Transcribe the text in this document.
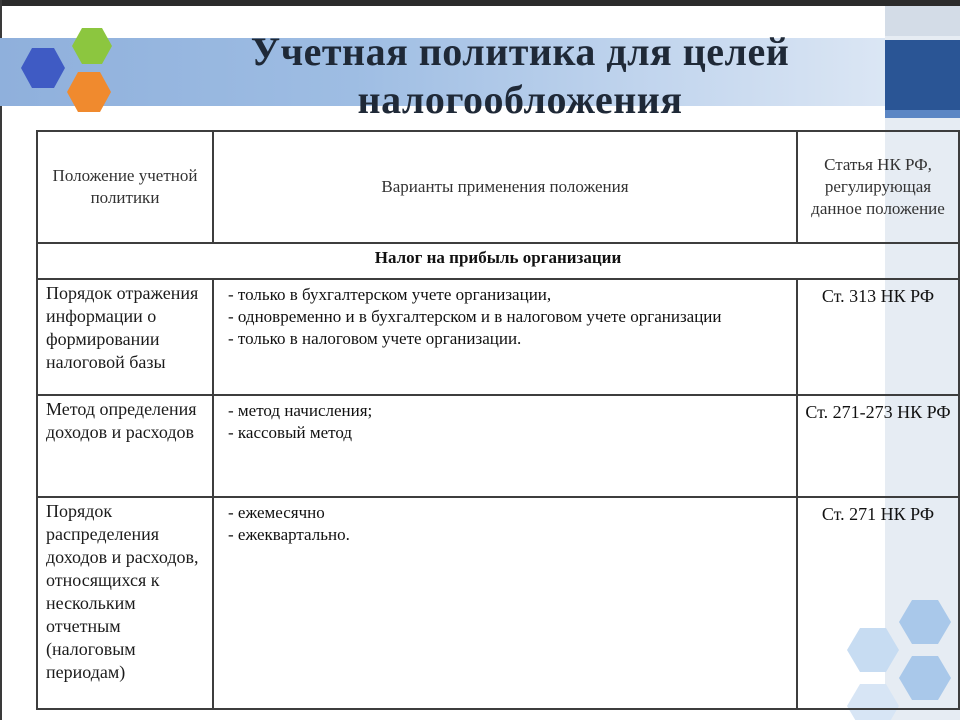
Учетная политика для целей
налогообложения
Положение учетной политики	Варианты применения положения	Статья НК РФ, регулирующая данное положение
Налог на прибыль организации		
Порядок отражения информации о формировании налоговой базы	- только в бухгалтерском учете организации,
- одновременно и в бухгалтерском и в налоговом учете организации
- только в налоговом учете организации.	Ст. 313 НК РФ
Метод определения доходов и расходов	- метод начисления;
- кассовый метод	Ст. 271-273 НК РФ
Порядок распределения доходов и расходов, относящихся к нескольким отчетным (налоговым периодам)	- ежемесячно
- ежеквартально.	Ст. 271 НК РФ
